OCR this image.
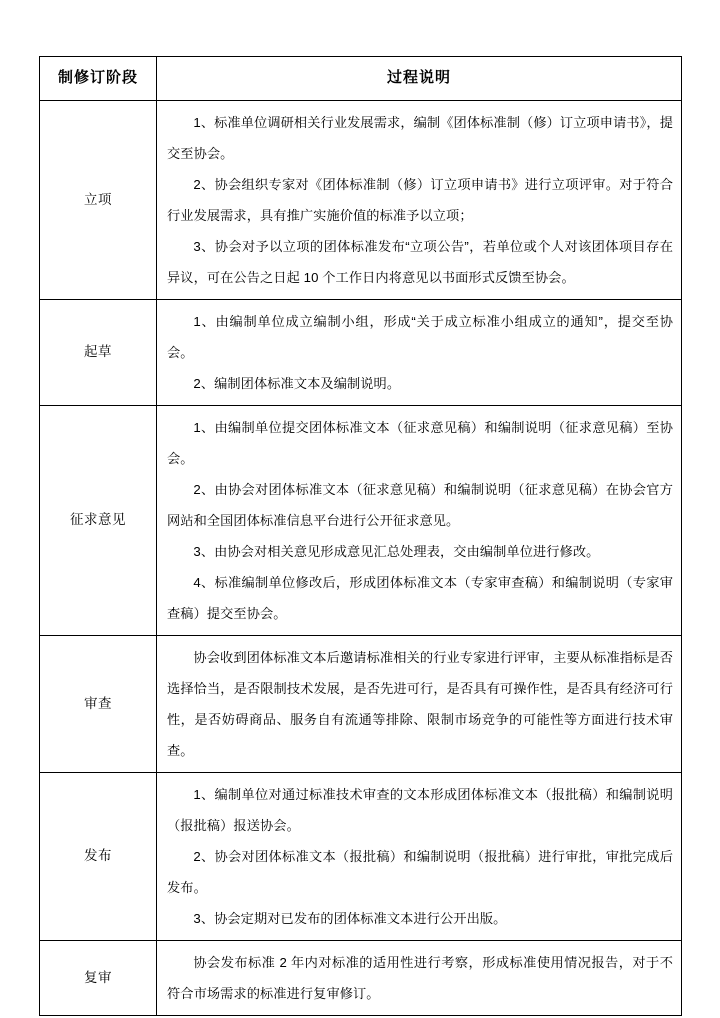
制修订阶段	过程说明
立项	1、标准单位调研相关行业发展需求，编制《团体标准制（修）订立项申请书》，提交至协会。

2、协会组织专家对《团体标准制（修）订立项申请书》进行立项评审。对于符合行业发展需求，具有推广实施价值的标准予以立项；

3、协会对予以立项的团体标准发布“立项公告”，若单位或个人对该团体项目存在异议，可在公告之日起 10 个工作日内将意见以书面形式反馈至协会。

起草	1、由编制单位成立编制小组，形成“关于成立标准小组成立的通知”，提交至协会。

2、编制团体标准文本及编制说明。

征求意见	1、由编制单位提交团体标准文本（征求意见稿）和编制说明（征求意见稿）至协会。

2、由协会对团体标准文本（征求意见稿）和编制说明（征求意见稿）在协会官方网站和全国团体标准信息平台进行公开征求意见。

3、由协会对相关意见形成意见汇总处理表，交由编制单位进行修改。

4、标准编制单位修改后，形成团体标准文本（专家审查稿）和编制说明（专家审查稿）提交至协会。

审查	协会收到团体标准文本后邀请标准相关的行业专家进行评审，主要从标准指标是否选择恰当，是否限制技术发展，是否先进可行，是否具有可操作性，是否具有经济可行性，是否妨碍商品、服务自有流通等排除、限制市场竞争的可能性等方面进行技术审查。

发布	1、编制单位对通过标准技术审查的文本形成团体标准文本（报批稿）和编制说明（报批稿）报送协会。

2、协会对团体标准文本（报批稿）和编制说明（报批稿）进行审批，审批完成后发布。

3、协会定期对已发布的团体标准文本进行公开出版。

复审	协会发布标准 2 年内对标准的适用性进行考察，形成标准使用情况报告，对于不符合市场需求的标准进行复审修订。
